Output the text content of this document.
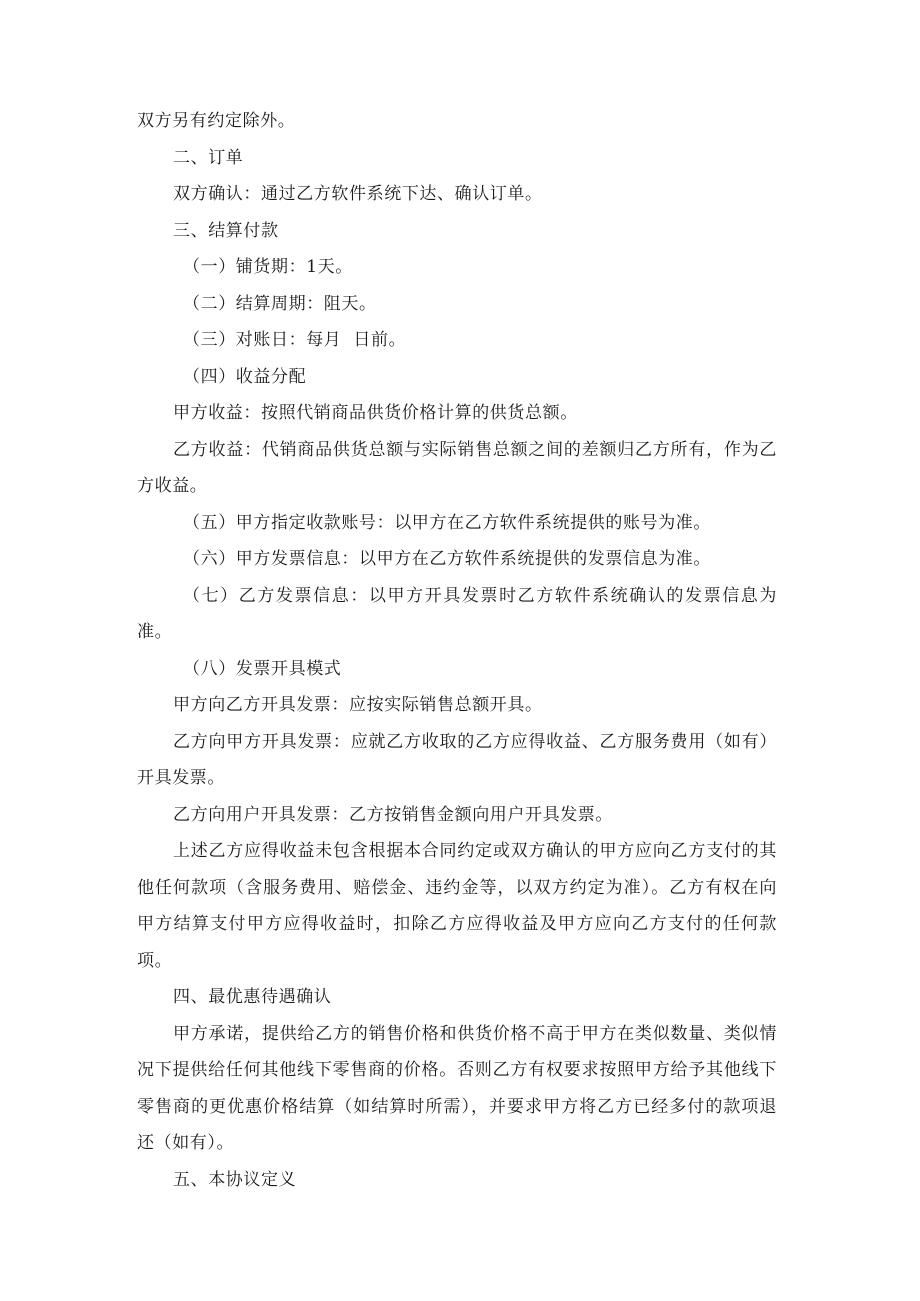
双方另有约定除外。

二、订单

双方确认：通过乙方软件系统下达、确认订单。

三、结算付款

（一）铺货期：1天。

（二）结算周期：阻天。

（三）对账日：每月  日前。

（四）收益分配

甲方收益：按照代销商品供货价格计算的供货总额。

乙方收益：代销商品供货总额与实际销售总额之间的差额归乙方所有，作为乙方收益。

（五）甲方指定收款账号：以甲方在乙方软件系统提供的账号为准。

（六）甲方发票信息：以甲方在乙方软件系统提供的发票信息为准。

（七）乙方发票信息：以甲方开具发票时乙方软件系统确认的发票信息为准。

（八）发票开具模式

甲方向乙方开具发票：应按实际销售总额开具。

乙方向甲方开具发票：应就乙方收取的乙方应得收益、乙方服务费用（如有）开具发票。

乙方向用户开具发票：乙方按销售金额向用户开具发票。

上述乙方应得收益未包含根据本合同约定或双方确认的甲方应向乙方支付的其他任何款项（含服务费用、赔偿金、违约金等，以双方约定为准）。乙方有权在向甲方结算支付甲方应得收益时，扣除乙方应得收益及甲方应向乙方支付的任何款项。

四、最优惠待遇确认

甲方承诺，提供给乙方的销售价格和供货价格不高于甲方在类似数量、类似情况下提供给任何其他线下零售商的价格。否则乙方有权要求按照甲方给予其他线下零售商的更优惠价格结算（如结算时所需），并要求甲方将乙方已经多付的款项退还（如有）。

五、本协议定义
